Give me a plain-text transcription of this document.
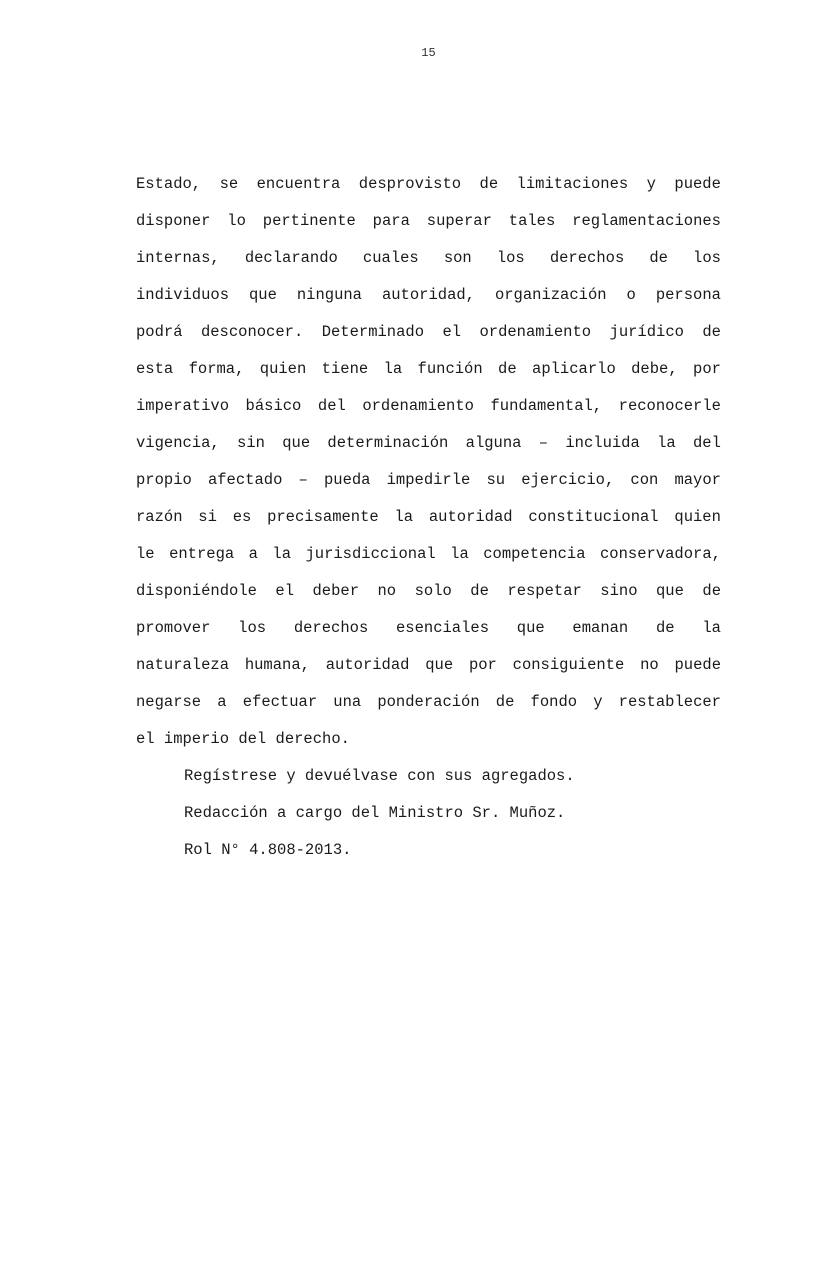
15
Estado, se encuentra desprovisto de limitaciones y puede
disponer lo pertinente para superar tales reglamentaciones
internas, declarando cuales son los derechos de los
individuos que ninguna autoridad, organización o persona
podrá desconocer. Determinado el ordenamiento jurídico de
esta forma, quien tiene la función de aplicarlo debe, por
imperativo básico del ordenamiento fundamental, reconocerle
vigencia, sin que determinación alguna – incluida la del
propio afectado – pueda impedirle su ejercicio, con mayor
razón si es precisamente la autoridad constitucional quien
le entrega a la jurisdiccional la competencia conservadora,
disponiéndole el deber no solo de respetar sino que de
promover los derechos esenciales que emanan de la
naturaleza humana, autoridad que por consiguiente no puede
negarse a efectuar una ponderación de fondo y restablecer
el imperio del derecho.
Regístrese y devuélvase con sus agregados.
Redacción a cargo del Ministro Sr. Muñoz.
Rol N° 4.808-2013.
